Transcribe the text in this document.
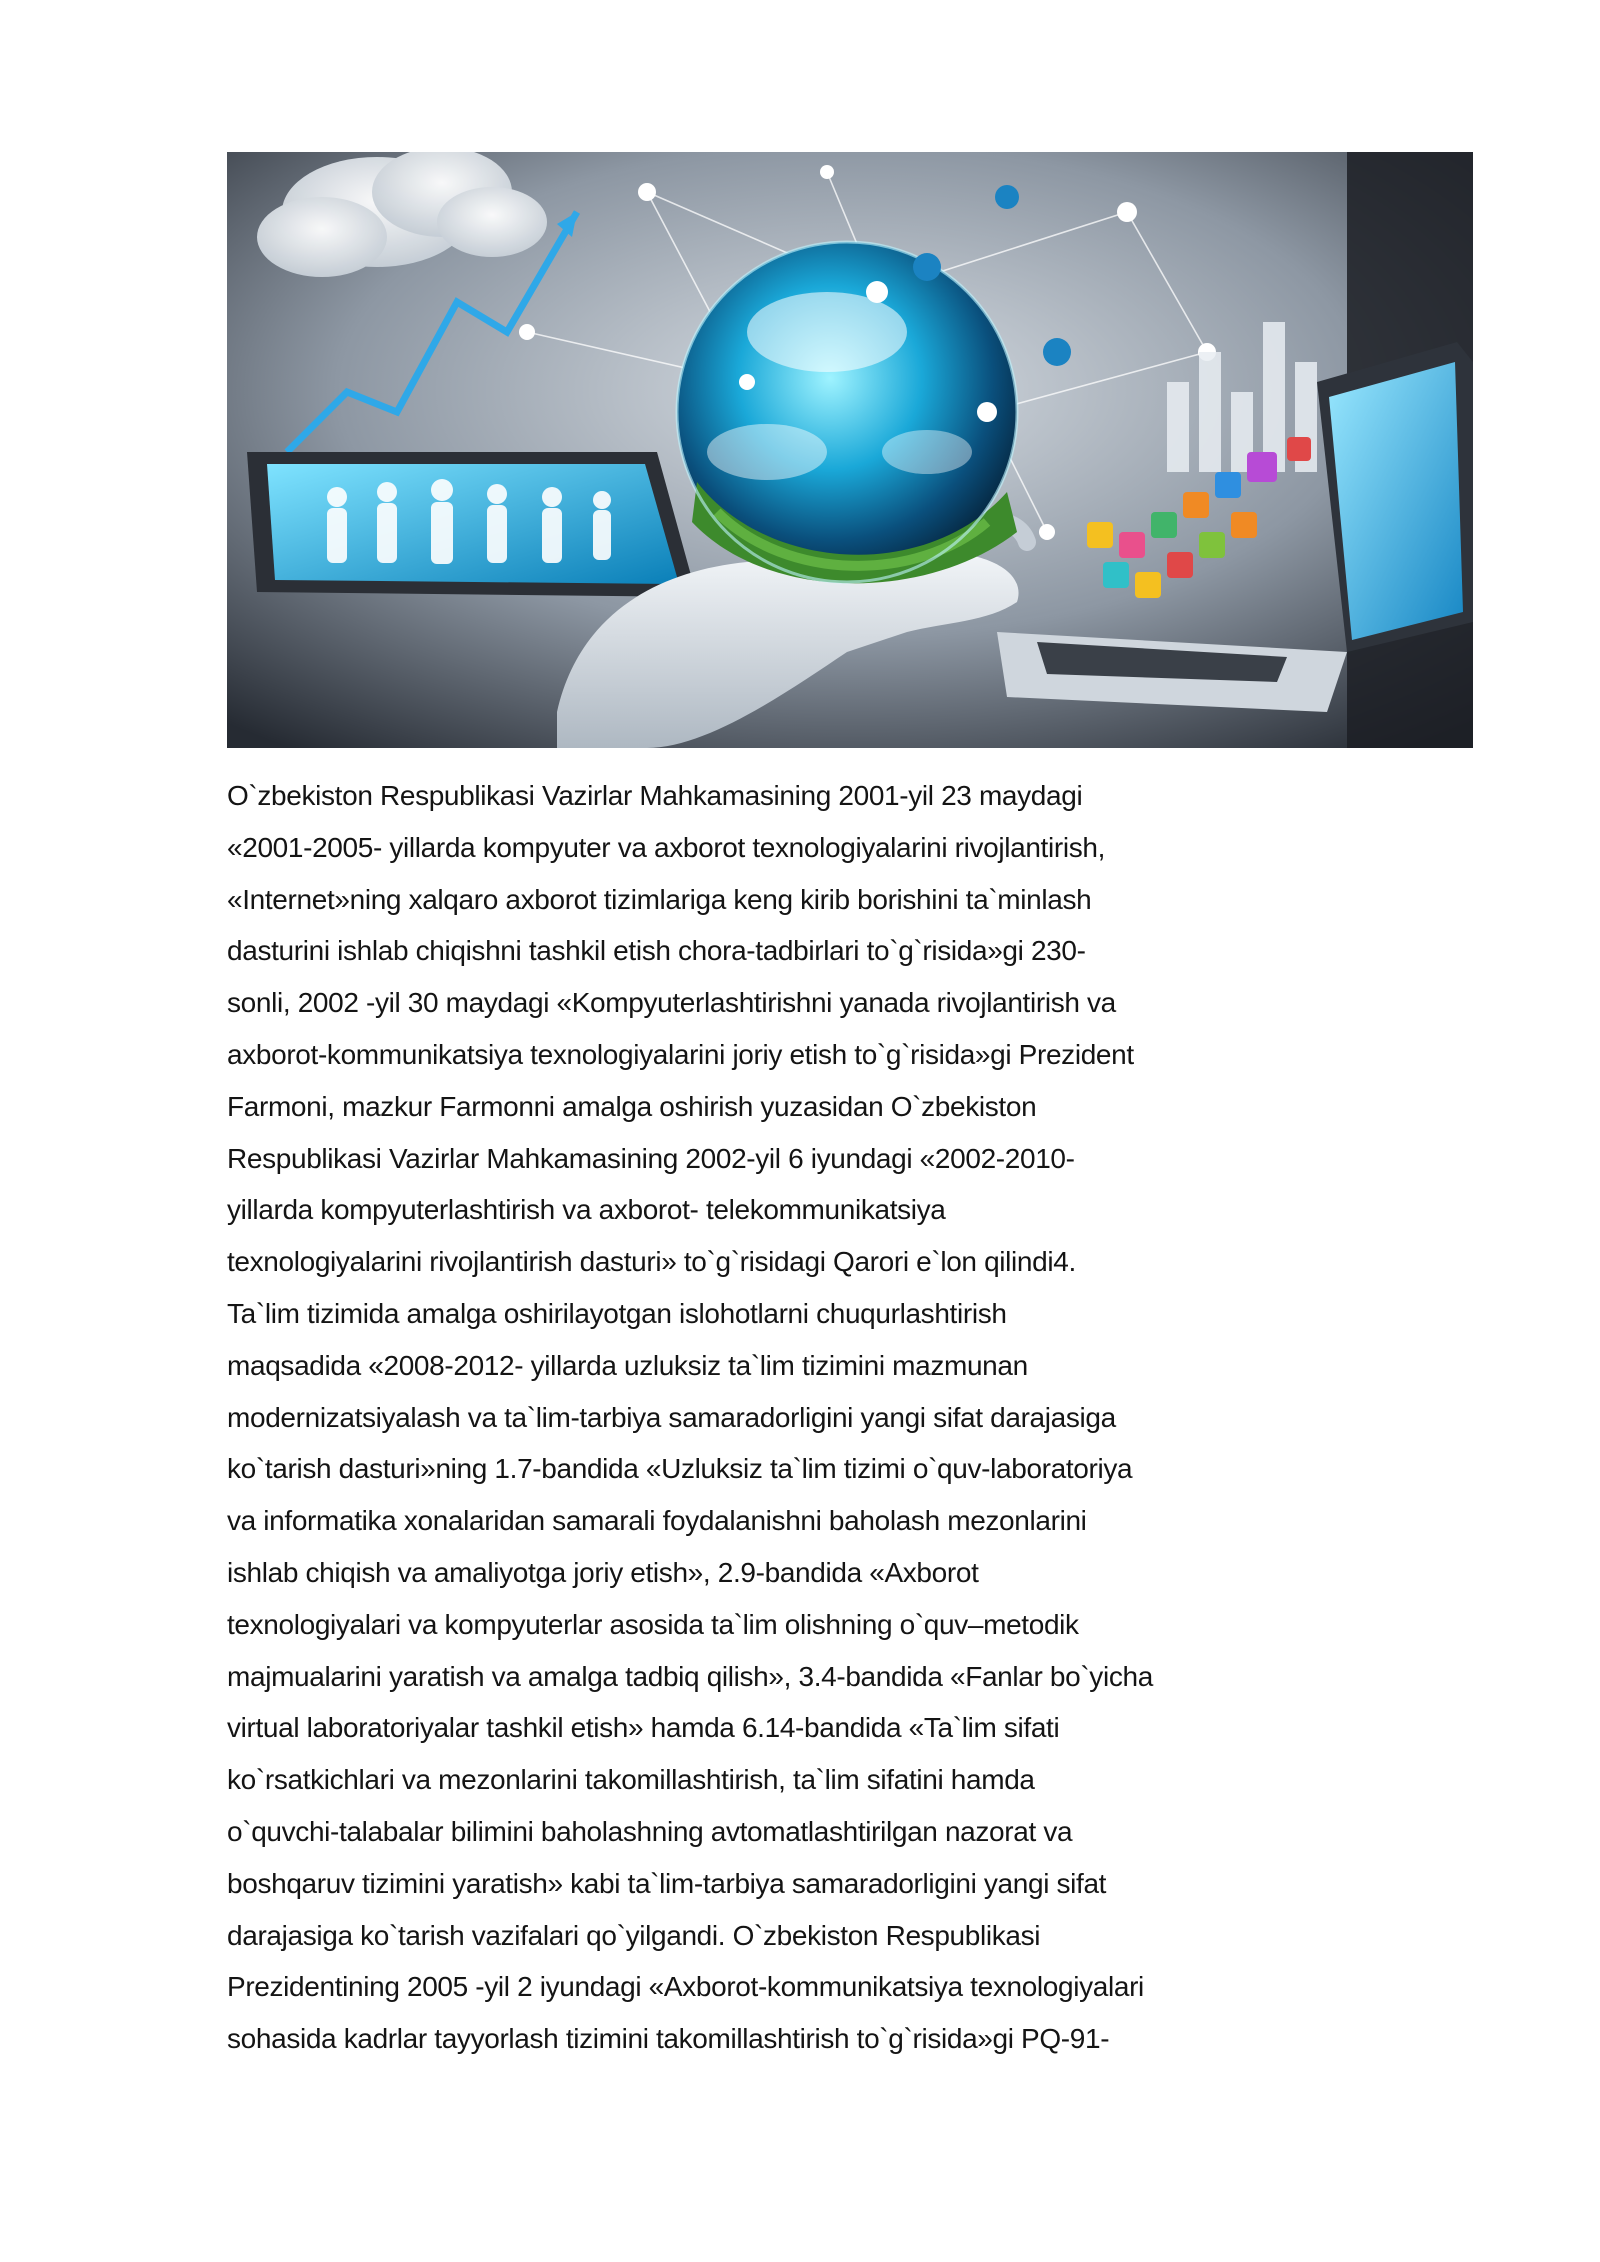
O`zbekiston Respublikasi Vazirlar Mahkamasining 2001-yil 23 maydagi
«2001-2005- yillarda kompyuter va axborot texnologiyalarini rivojlantirish,
«Internet»ning xalqaro axborot tizimlariga keng kirib borishini ta`minlash
dasturini ishlab chiqishni tashkil etish chora-tadbirlari to`g`risida»gi 230-
sonli, 2002 -yil 30 maydagi «Kompyuterlashtirishni yanada rivojlantirish va
axborot-kommunikatsiya texnologiyalarini joriy etish to`g`risida»gi Prezident
Farmoni, mazkur Farmonni amalga oshirish yuzasidan O`zbekiston
Respublikasi Vazirlar Mahkamasining 2002-yil 6 iyundagi «2002-2010-
yillarda kompyuterlashtirish va axborot- telekommunikatsiya
texnologiyalarini rivojlantirish dasturi» to`g`risidagi Qarori e`lon qilindi4.
Ta`lim tizimida amalga oshirilayotgan islohotlarni chuqurlashtirish
maqsadida «2008-2012- yillarda uzluksiz ta`lim tizimini mazmunan
modernizatsiyalash va ta`lim-tarbiya samaradorligini yangi sifat darajasiga
ko`tarish dasturi»ning 1.7-bandida «Uzluksiz ta`lim tizimi o`quv-laboratoriya
va informatika xonalaridan samarali foydalanishni baholash mezonlarini
ishlab chiqish va amaliyotga joriy etish», 2.9-bandida «Axborot
texnologiyalari va kompyuterlar asosida ta`lim olishning o`quv–metodik
majmualarini yaratish va amalga tadbiq qilish», 3.4-bandida «Fanlar bo`yicha
virtual laboratoriyalar tashkil etish» hamda 6.14-bandida «Ta`lim sifati
ko`rsatkichlari va mezonlarini takomillashtirish, ta`lim sifatini hamda
o`quvchi-talabalar bilimini baholashning avtomatlashtirilgan nazorat va
boshqaruv tizimini yaratish» kabi ta`lim-tarbiya samaradorligini yangi sifat
darajasiga ko`tarish vazifalari qo`yilgandi. O`zbekiston Respublikasi
Prezidentining 2005 -yil 2 iyundagi «Axborot-kommunikatsiya texnologiyalari
sohasida kadrlar tayyorlash tizimini takomillashtirish to`g`risida»gi PQ-91-
